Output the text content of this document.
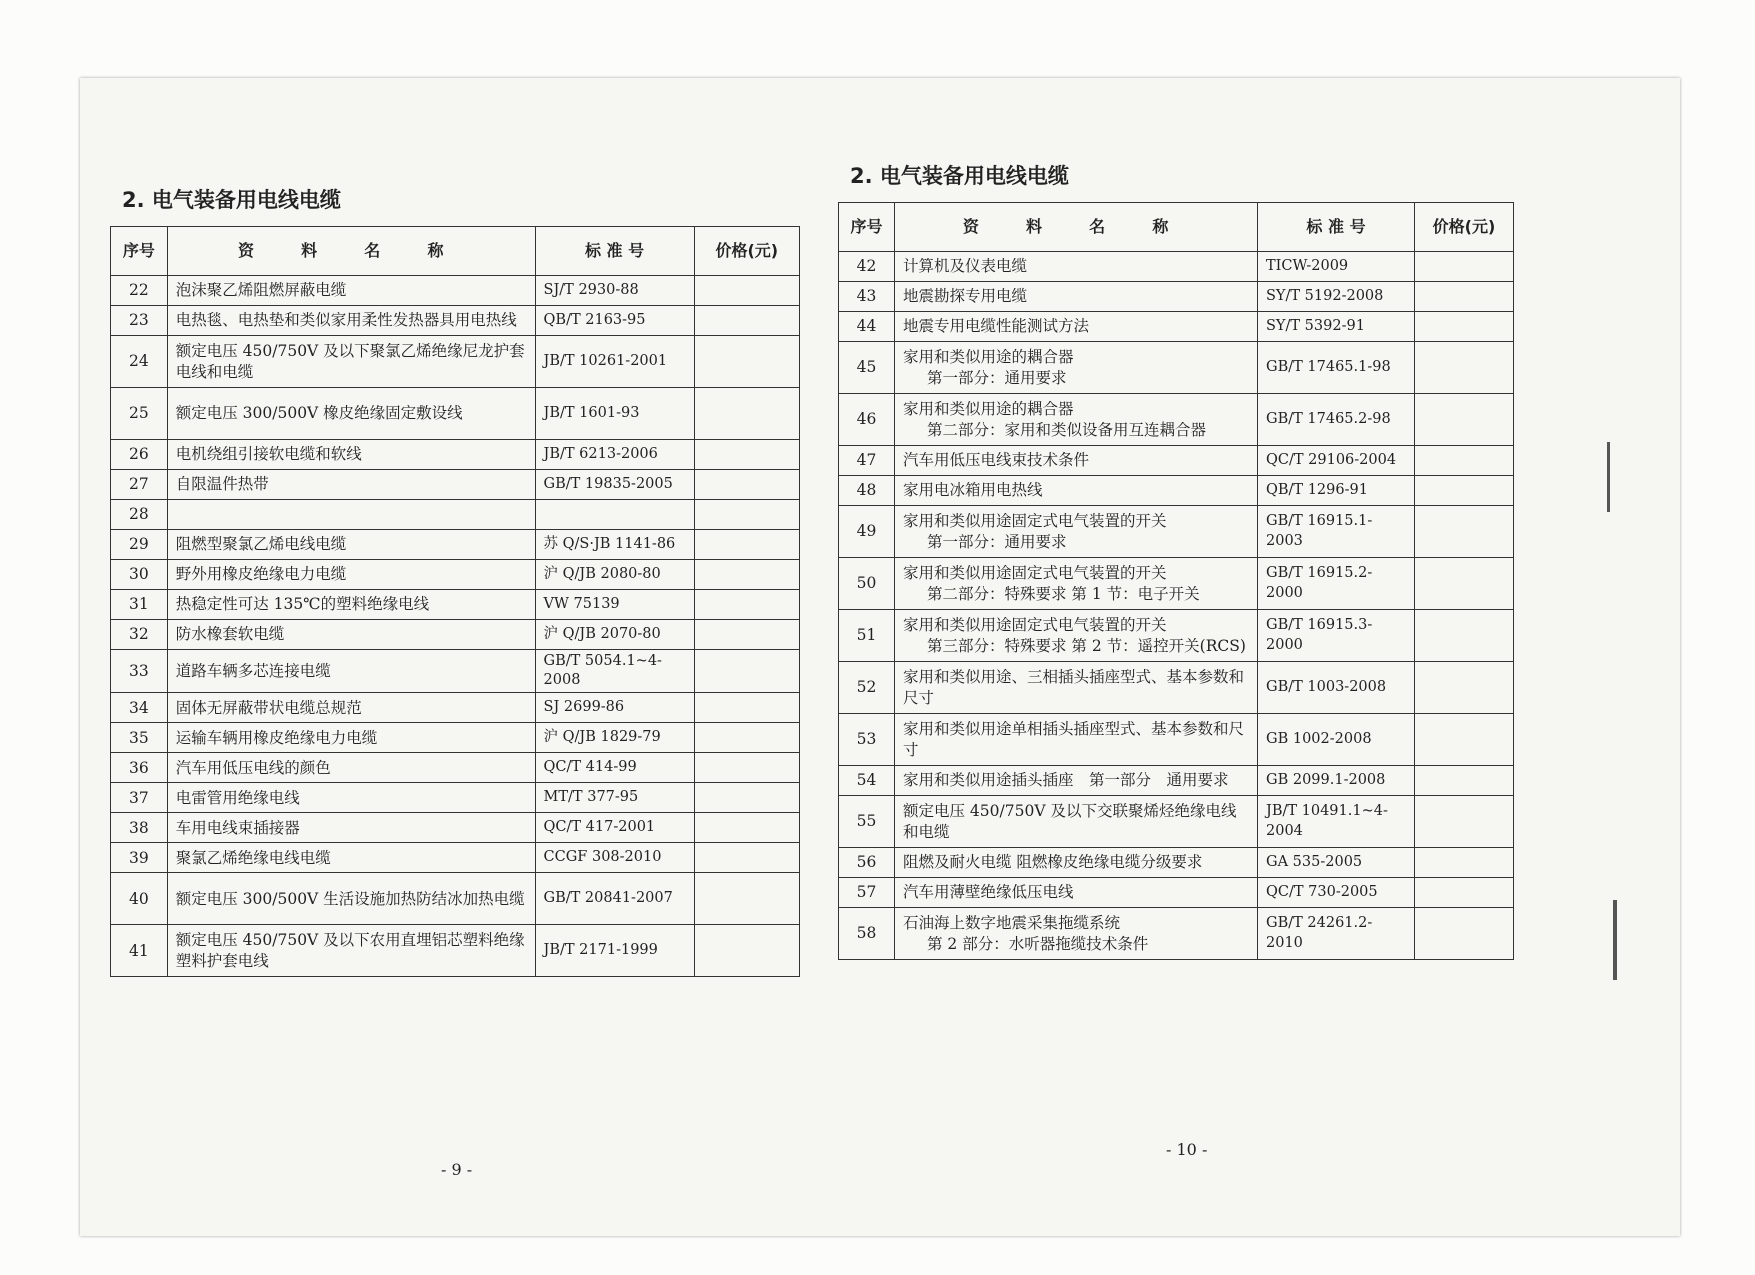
2. 电气装备用电线电缆
序号	资 料 名 称	标 准 号	价格(元)
22	泡沫聚乙烯阻燃屏蔽电缆	SJ/T 2930-88	
23	电热毯、电热垫和类似家用柔性发热器具用电热线	QB/T 2163-95	
24	额定电压 450/750V 及以下聚氯乙烯绝缘尼龙护套电线和电缆	JB/T 10261-2001	
25	额定电压 300/500V 橡皮绝缘固定敷设线	JB/T 1601-93	
26	电机绕组引接软电缆和软线	JB/T 6213-2006	
27	自限温件热带	GB/T 19835-2005	
28	

29	阻燃型聚氯乙烯电线电缆	苏 Q/S·JB 1141-86	
30	野外用橡皮绝缘电力电缆	沪 Q/JB 2080-80	
31	热稳定性可达 135℃的塑料绝缘电线	VW 75139	
32	防水橡套软电缆	沪 Q/JB 2070-80	
33	道路车辆多芯连接电缆	GB/T 5054.1~4-2008	
34	固体无屏蔽带状电缆总规范	SJ 2699-86	
35	运输车辆用橡皮绝缘电力电缆	沪 Q/JB 1829-79	
36	汽车用低压电线的颜色	QC/T 414-99	
37	电雷管用绝缘电线	MT/T 377-95	
38	车用电线束插接器	QC/T 417-2001	
39	聚氯乙烯绝缘电线电缆	CCGF 308-2010	
40	额定电压 300/500V 生活设施加热防结冰加热电缆	GB/T 20841-2007	
41	额定电压 450/750V 及以下农用直埋铝芯塑料绝缘塑料护套电线	JB/T 2171-1999	
2. 电气装备用电线电缆
序号	资 料 名 称	标 准 号	价格(元)
42	计算机及仪表电缆	TICW-2009	
43	地震勘探专用电缆	SY/T 5192-2008	
44	地震专用电缆性能测试方法	SY/T 5392-91	
45	家用和类似用途的耦合器
第一部分：通用要求	GB/T 17465.1-98	
46	家用和类似用途的耦合器
第二部分：家用和类似设备用互连耦合器	GB/T 17465.2-98	
47	汽车用低压电线束技术条件	QC/T 29106-2004	
48	家用电冰箱用电热线	QB/T 1296-91	
49	家用和类似用途固定式电气装置的开关
第一部分：通用要求	GB/T 16915.1-2003	
50	家用和类似用途固定式电气装置的开关
第二部分：特殊要求 第 1 节：电子开关	GB/T 16915.2-2000	
51	家用和类似用途固定式电气装置的开关
第三部分：特殊要求 第 2 节：遥控开关(RCS)	GB/T 16915.3-2000	
52	家用和类似用途、三相插头插座型式、基本参数和尺寸	GB/T 1003-2008	
53	家用和类似用途单相插头插座型式、基本参数和尺寸	GB 1002-2008	
54	家用和类似用途插头插座　第一部分　通用要求	GB 2099.1-2008	
55	额定电压 450/750V 及以下交联聚烯烃绝缘电线和电缆	JB/T 10491.1~4-2004	
56	阻燃及耐火电缆 阻燃橡皮绝缘电缆分级要求	GA 535-2005	
57	汽车用薄壁绝缘低压电线	QC/T 730-2005	
58	石油海上数字地震采集拖缆系统
第 2 部分：水听器拖缆技术条件	GB/T 24261.2-2010	
- 9 -
- 10 -
